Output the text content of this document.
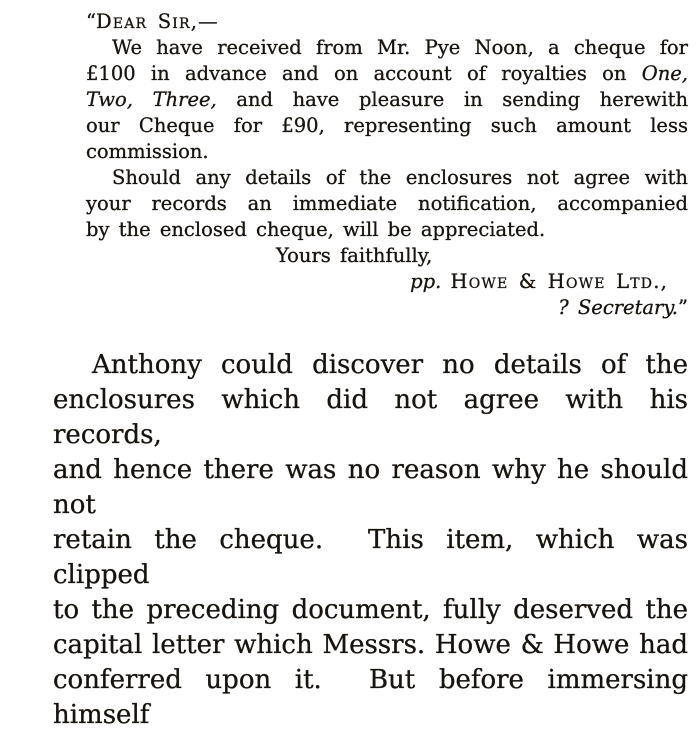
“Dear Sir,—
We have received from Mr. Pye Noon, a cheque for
£100 in advance and on account of royalties on One,
Two, Three, and have pleasure in sending herewith
our Cheque for £90, representing such amount less
commission.
Should any details of the enclosures not agree with
your records an immediate notification, accompanied
by the enclosed cheque, will be appreciated.
Yours faithfully,
pp. Howe & Howe Ltd.,
? Secretary.”
Anthony could discover no details of the
enclosures which did not agree with his records,
and hence there was no reason why he should not
retain the cheque.  This item, which was clipped
to the preceding document, fully deserved the
capital letter which Messrs. Howe & Howe had
conferred upon it.  But before immersing himself
